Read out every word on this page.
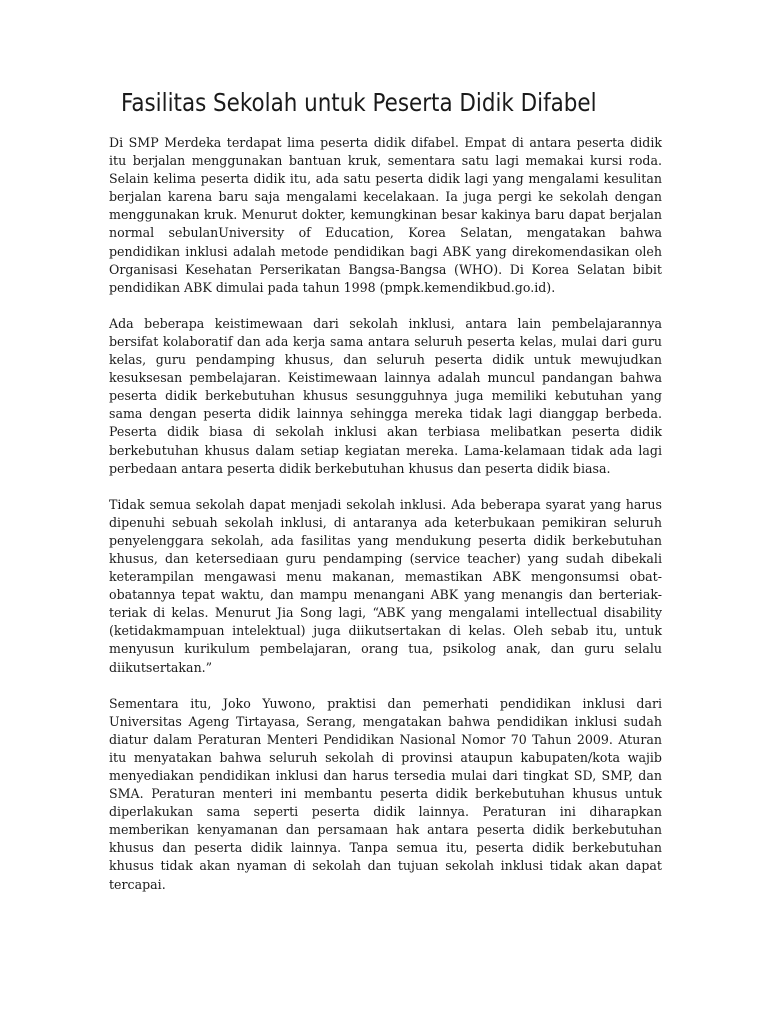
Fasilitas Sekolah untuk Peserta Didik Difabel

Di SMP Merdeka terdapat lima peserta didik difabel. Empat di antara peserta didik itu berjalan menggunakan bantuan kruk, sementara satu lagi memakai kursi roda. Selain kelima peserta didik itu, ada satu peserta didik lagi yang mengalami kesulitan berjalan karena baru saja mengalami kecelakaan. Ia juga pergi ke sekolah dengan menggunakan kruk. Menurut dokter, kemungkinan besar kakinya baru dapat berjalan normal sebulanUniversity of Education, Korea Selatan, mengatakan bahwa pendidikan inklusi adalah metode pendidikan bagi ABK yang direkomendasikan oleh Organisasi Kesehatan Perserikatan Bangsa-Bangsa (WHO). Di Korea Selatan bibit pendidikan ABK dimulai pada tahun 1998 (pmpk.kemendikbud.go.id).

Ada beberapa keistimewaan dari sekolah inklusi, antara lain pembelajarannya bersifat kolaboratif dan ada kerja sama antara seluruh peserta kelas, mulai dari guru kelas, guru pendamping khusus, dan seluruh peserta didik untuk mewujudkan kesuksesan pembelajaran. Keistimewaan lainnya adalah muncul pandangan bahwa peserta didik berkebutuhan khusus sesungguhnya juga memiliki kebutuhan yang sama dengan peserta didik lainnya sehingga mereka tidak lagi dianggap berbeda. Peserta didik biasa di sekolah inklusi akan terbiasa melibatkan peserta didik berkebutuhan khusus dalam setiap kegiatan mereka. Lama-kelamaan tidak ada lagi perbedaan antara peserta didik berkebutuhan khusus dan peserta didik biasa.

Tidak semua sekolah dapat menjadi sekolah inklusi. Ada beberapa syarat yang harus dipenuhi sebuah sekolah inklusi, di antaranya ada keterbukaan pemikiran seluruh penyelenggara sekolah, ada fasilitas yang mendukung peserta didik berkebutuhan khusus, dan ketersediaan guru pendamping (service teacher) yang sudah dibekali keterampilan mengawasi menu makanan, memastikan ABK mengonsumsi obat-obatannya tepat waktu, dan mampu menangani ABK yang menangis dan berteriak-teriak di kelas. Menurut Jia Song lagi, “ABK yang mengalami intellectual disability (ketidakmampuan intelektual) juga diikutsertakan di kelas. Oleh sebab itu, untuk menyusun kurikulum pembelajaran, orang tua, psikolog anak, dan guru selalu diikutsertakan.”

Sementara itu, Joko Yuwono, praktisi dan pemerhati pendidikan inklusi dari Universitas Ageng Tirtayasa, Serang, mengatakan bahwa pendidikan inklusi sudah diatur dalam Peraturan Menteri Pendidikan Nasional Nomor 70 Tahun 2009. Aturan itu menyatakan bahwa seluruh sekolah di provinsi ataupun kabupaten/kota wajib menyediakan pendidikan inklusi dan harus tersedia mulai dari tingkat SD, SMP, dan SMA. Peraturan menteri ini membantu peserta didik berkebutuhan khusus untuk diperlakukan sama seperti peserta didik lainnya. Peraturan ini diharapkan memberikan kenyamanan dan persamaan hak antara peserta didik berkebutuhan khusus dan peserta didik lainnya. Tanpa semua itu, peserta didik berkebutuhan khusus tidak akan nyaman di sekolah dan tujuan sekolah inklusi tidak akan dapat tercapai.
